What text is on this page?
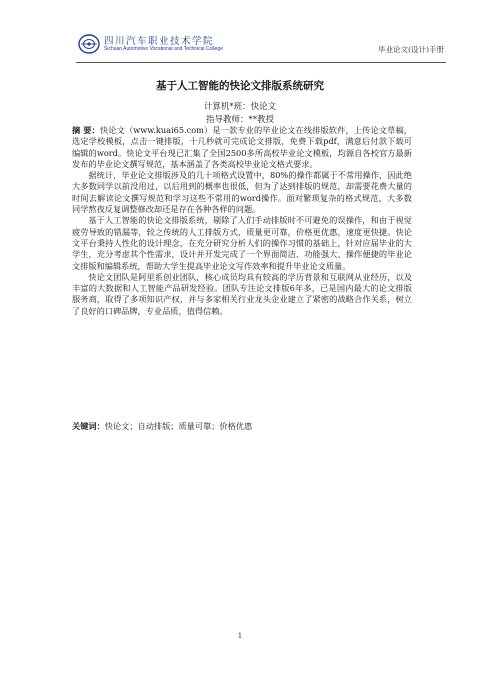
四川汽车职业技术学院
Sichuan Automotive Vocational and Technical College	毕业论文(设计)手册
基于人工智能的快论文排版系统研究
计算机*班：快论文
指导教师：**教授

摘 要：快论文（www.kuai65.com）是一款专业的毕业论文在线排版软件，上传论文草稿，选定学校模板，点击一键排版，十几秒就可完成论文排版，免费下载pdf，满意后付款下载可编辑的word。快论文平台现已汇集了全国2500多所高校毕业论文模板，均源自各校官方最新发布的毕业论文撰写规范，基本涵盖了各类高校毕业论文格式要求。

据统计，毕业论文排版涉及的几十项格式设置中，80%的操作都属于不常用操作，因此绝大多数同学以前没用过，以后用到的概率也很低，但为了达到排版的规范，却需要花费大量的时间去解读论文撰写规范和学习这些不常用的word操作。面对繁琐复杂的格式规范，大多数同学熬夜反复调整修改却还是存在各种各样的问题。

基于人工智能的快论文排版系统，剔除了人们手动排版时不可避免的误操作，和由于视觉疲劳导致的错漏等，较之传统的人工排版方式，质量更可靠，价格更优惠，速度更快捷。快论文平台秉持人性化的设计理念，在充分研究分析人们的操作习惯的基础上，针对应届毕业的大学生，充分考虑其个性需求，设计并开发完成了一个界面简洁、功能强大、操作便捷的毕业论文排版和编辑系统，帮助大学生提高毕业论文写作效率和提升毕业论文质量。

快论文团队是阿里系创业团队，核心成员均具有较高的学历背景和互联网从业经历，以及丰富的大数据和人工智能产品研发经验。团队专注论文排版6年多，已是国内最大的论文排版服务商，取得了多项知识产权，并与多家相关行业龙头企业建立了紧密的战略合作关系，树立了良好的口碑品牌，专业品质，值得信赖。

关键词：快论文；自动排版；质量可靠；价格优惠
1
